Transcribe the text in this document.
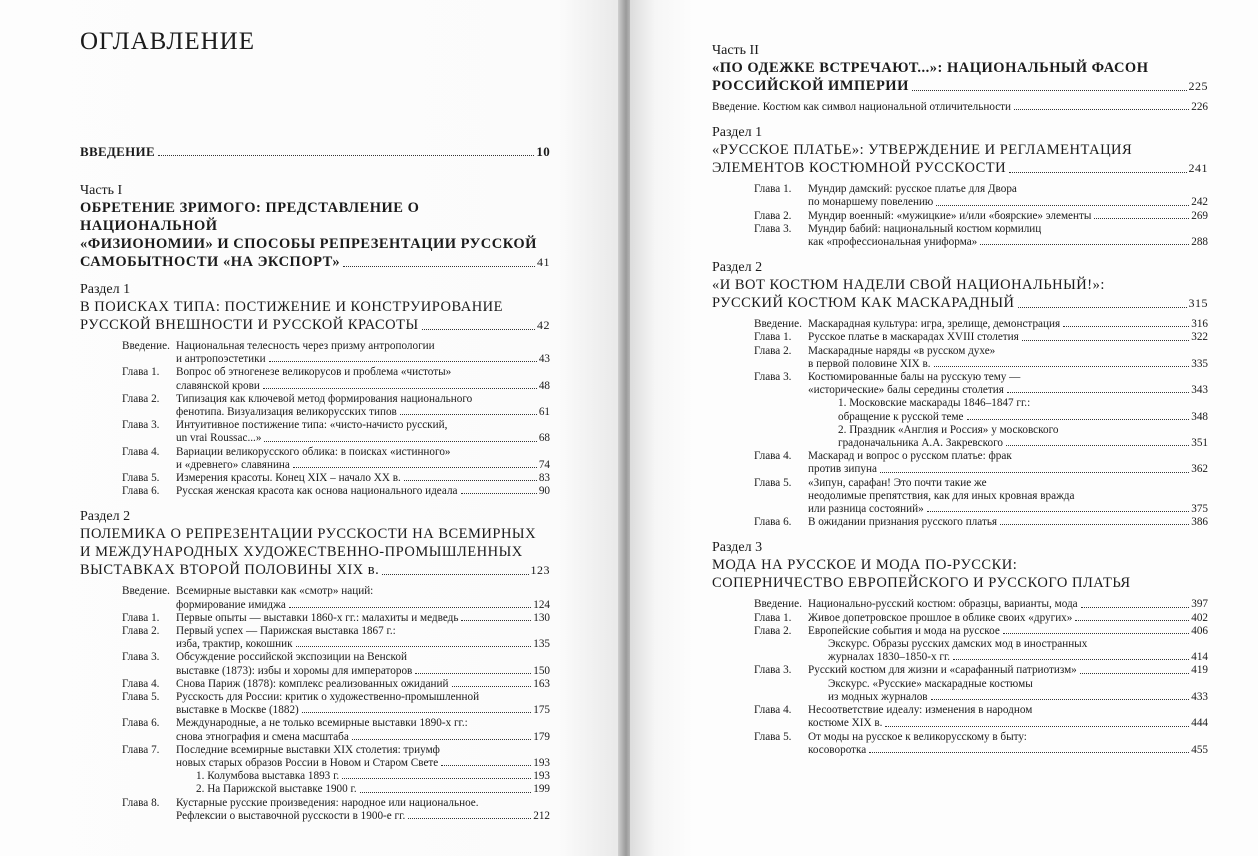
ОГЛАВЛЕНИЕ
ВВЕДЕНИЕ	10
Часть I
ОБРЕТЕНИЕ ЗРИМОГО: ПРЕДСТАВЛЕНИЕ О НАЦИОНАЛЬНОЙ
«ФИЗИОНОМИИ» И СПОСОБЫ РЕПРЕЗЕНТАЦИИ РУССКОЙ
САМОБЫТНОСТИ «НА ЭКСПОРТ»	41
Раздел 1
В ПОИСКАХ ТИПА: ПОСТИЖЕНИЕ И КОНСТРУИРОВАНИЕ
РУССКОЙ ВНЕШНОСТИ И РУССКОЙ КРАСОТЫ	42
Введение. Национальная телесность через призму антропологии
и антропоэстетики	43
Глава 1.	Вопрос об этногенезе великорусов и проблема «чистоты»
славянской крови	48
Глава 2.	Типизация как ключевой метод формирования национального
фенотипа. Визуализация великорусских типов	61
Глава 3.	Интуитивное постижение типа: «чисто-начисто русский,
un vrai Roussac...»	68
Глава 4.	Вариации великорусского облика: в поисках «истинного»
и «древнего» славянина	74
Глава 5.	Измерения красоты. Конец XIX – начало XX в.	83
Глава 6.	Русская женская красота как основа национального идеала	90
Раздел 2
ПОЛЕМИКА О РЕПРЕЗЕНТАЦИИ РУССКОСТИ НА ВСЕМИРНЫХ
И МЕЖДУНАРОДНЫХ ХУДОЖЕСТВЕННО-ПРОМЫШЛЕННЫХ
ВЫСТАВКАХ ВТОРОЙ ПОЛОВИНЫ XIX в.	123
Введение. Всемирные выставки как «смотр» наций:
формирование имиджа	124
Глава 1.	Первые опыты — выставки 1860-х гг.: малахиты и медведь	130
Глава 2.	Первый успех — Парижская выставка 1867 г.:
изба, трактир, кокошник	135
Глава 3.	Обсуждение российской экспозиции на Венской
выставке (1873): избы и хоромы для императоров	150
Глава 4.	Снова Париж (1878): комплекс реализованных ожиданий	163
Глава 5.	Русскость для России: критик о художественно-промышленной
выставке в Москве (1882)	175
Глава 6.	Международные, а не только всемирные выставки 1890-х гг.:
снова этнография и смена масштаба	179
Глава 7.	Последние всемирные выставки XIX столетия: триумф
новых старых образов России в Новом и Старом Свете	193
1. Колумбова выставка 1893 г.	193
2. На Парижской выставке 1900 г.	199
Глава 8.	Кустарные русские произведения: народное или национальное.
Рефлексии о выставочной русскости в 1900-е гг.	212
Часть II
«ПО ОДЕЖКЕ ВСТРЕЧАЮТ...»: НАЦИОНАЛЬНЫЙ ФАСОН
РОССИЙСКОЙ ИМПЕРИИ	225
Введение. Костюм как символ национальной отличительности	226
Раздел 1
«РУССКОЕ ПЛАТЬЕ»: УТВЕРЖДЕНИЕ И РЕГЛАМЕНТАЦИЯ
ЭЛЕМЕНТОВ КОСТЮМНОЙ РУССКОСТИ	241
Глава 1.	Мундир дамский: русское платье для Двора
по монаршему повелению	242
Глава 2.	Мундир военный: «мужицкие» и/или «боярские» элементы	269
Глава 3.	Мундир бабий: национальный костюм кормилиц
как «профессиональная униформа»	288
Раздел 2
«И ВОТ КОСТЮМ НАДЕЛИ СВОЙ НАЦИОНАЛЬНЫЙ!»:
РУССКИЙ КОСТЮМ КАК МАСКАРАДНЫЙ	315
Введение. Маскарадная культура: игра, зрелище, демонстрация	316
Глава 1.	Русское платье в маскарадах XVIII столетия	322
Глава 2.	Маскарадные наряды «в русском духе»
в первой половине XIX в.	335
Глава 3.	Костюмированные балы на русскую тему —
«исторические» балы середины столетия	343
1. Московские маскарады 1846–1847 гг.:
обращение к русской теме	348
2. Праздник «Англия и Россия» у московского
градоначальника А.А. Закревского	351
Глава 4.	Маскарад и вопрос о русском платье: фрак
против зипуна	362
Глава 5.	«Зипун, сарафан! Это почти такие же
неодолимые препятствия, как для иных кровная вражда
или разница состояний»	375
Глава 6.	В ожидании признания русского платья	386
Раздел 3
МОДА НА РУССКОЕ И МОДА ПО-РУССКИ:
СОПЕРНИЧЕСТВО ЕВРОПЕЙСКОГО И РУССКОГО ПЛАТЬЯ
Введение. Национально-русский костюм: образцы, варианты, мода	397
Глава 1.	Живое допетровское прошлое в облике своих «других»	402
Глава 2.	Европейские события и мода на русское	406
Экскурс. Образы русских дамских мод в иностранных
журналах 1830–1850-х гг.	414
Глава 3.	Русский костюм для жизни и «сарафанный патриотизм»	419
Экскурс. «Русские» маскарадные костюмы
из модных журналов	433
Глава 4.	Несоответствие идеалу: изменения в народном
костюме XIX в.	444
Глава 5.	От моды на русское к великорусскому в быту:
косоворотка	455
